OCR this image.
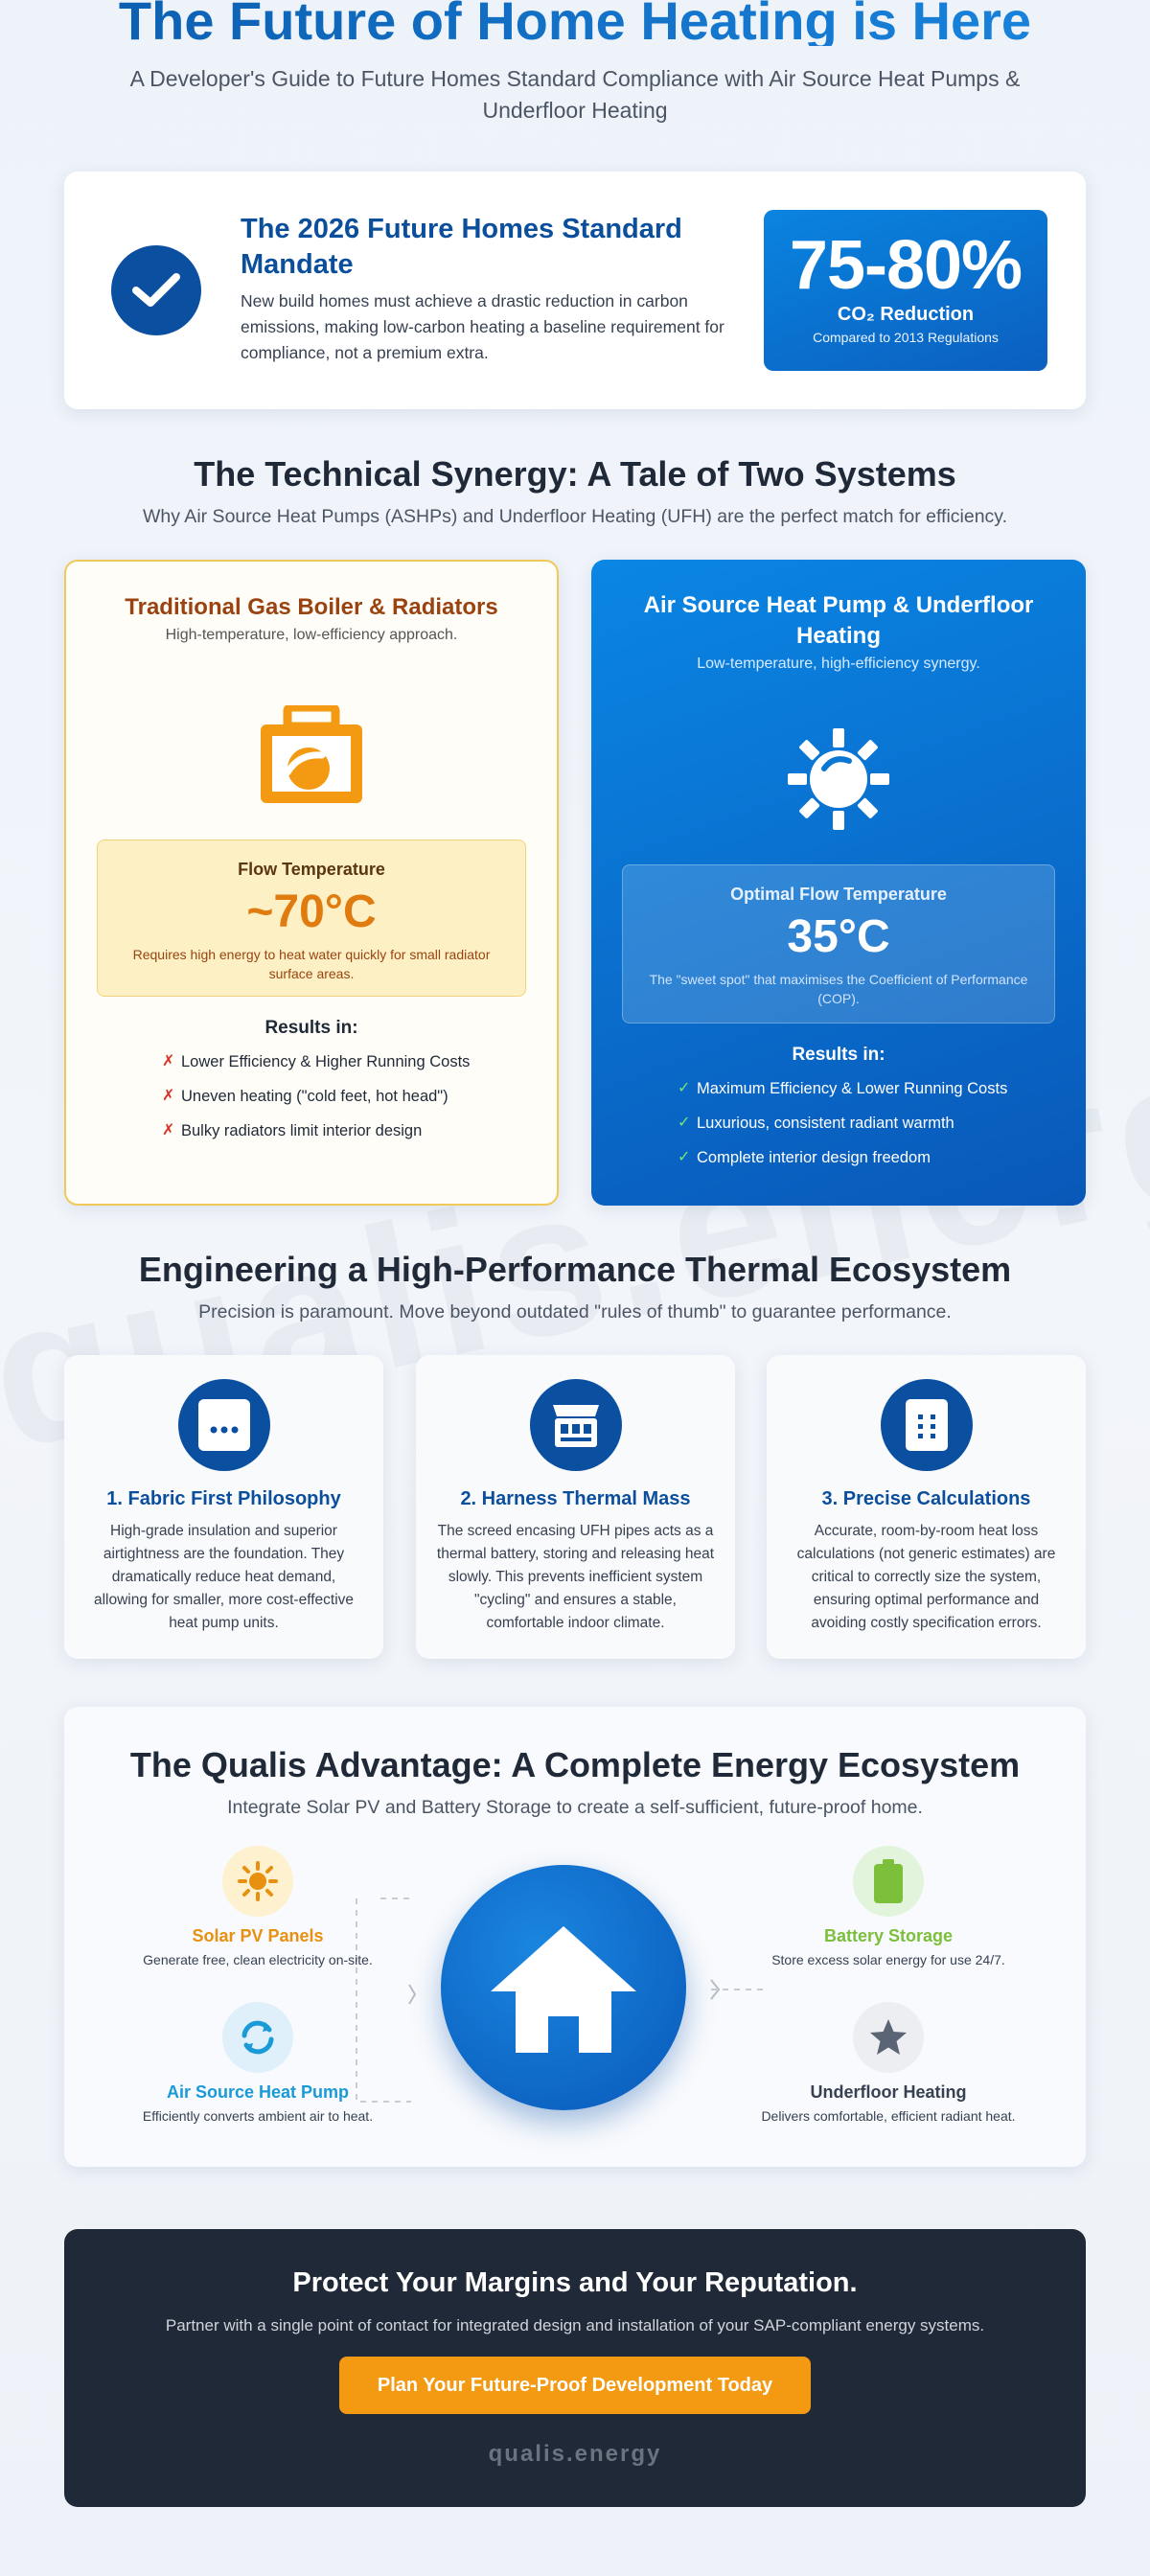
The Future of Home Heating is Here

A Developer's Guide to Future Homes Standard Compliance with Air Source Heat Pumps & Underfloor Heating

The 2026 Future Homes Standard Mandate

New build homes must achieve a drastic reduction in carbon emissions, making low-carbon heating a baseline requirement for compliance, not a premium extra.

75-80%
CO₂ Reduction
Compared to 2013 Regulations
The Technical Synergy: A Tale of Two Systems

Why Air Source Heat Pumps (ASHPs) and Underfloor Heating (UFH) are the perfect match for efficiency.

Traditional Gas Boiler & Radiators
High-temperature, low-efficiency approach.
Flow Temperature
~70°C
Requires high energy to heat water quickly for small radiator surface areas.
Results in:
✗ Lower Efficiency & Higher Running Costs
✗ Uneven heating ("cold feet, hot head")
✗ Bulky radiators limit interior design
Air Source Heat Pump & Underfloor Heating
Low-temperature, high-efficiency synergy.
Optimal Flow Temperature
35°C
The "sweet spot" that maximises the Coefficient of Performance (COP).
Results in:
✓ Maximum Efficiency & Lower Running Costs
✓ Luxurious, consistent radiant warmth
✓ Complete interior design freedom
Engineering a High-Performance Thermal Ecosystem

Precision is paramount. Move beyond outdated "rules of thumb" to guarantee performance.

1. Fabric First Philosophy

High-grade insulation and superior airtightness are the foundation. They dramatically reduce heat demand, allowing for smaller, more cost-effective heat pump units.

2. Harness Thermal Mass

The screed encasing UFH pipes acts as a thermal battery, storing and releasing heat slowly. This prevents inefficient system "cycling" and ensures a stable, comfortable indoor climate.

3. Precise Calculations

Accurate, room-by-room heat loss calculations (not generic estimates) are critical to correctly size the system, ensuring optimal performance and avoiding costly specification errors.

The Qualis Advantage: A Complete Energy Ecosystem

Integrate Solar PV and Battery Storage to create a self-sufficient, future-proof home.

Solar PV Panels
Generate free, clean electricity on-site.
Air Source Heat Pump
Efficiently converts ambient air to heat.
Battery Storage
Store excess solar energy for use 24/7.
Underfloor Heating
Delivers comfortable, efficient radiant heat.
Protect Your Margins and Your Reputation.

Partner with a single point of contact for integrated design and installation of your SAP-compliant energy systems.

Plan Your Future-Proof Development Today
qualis.energy
